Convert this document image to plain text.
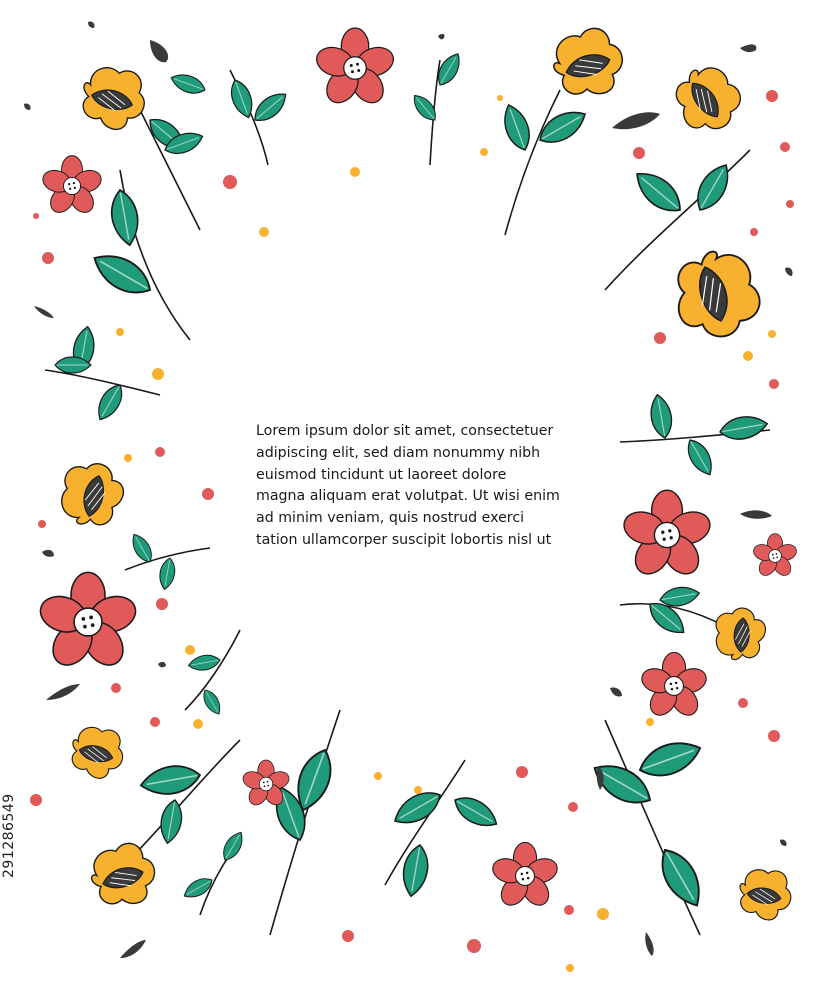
Lorem ipsum dolor sit amet, consectetuer
adipiscing elit, sed diam nonummy nibh
euismod tincidunt ut laoreet dolore
magna aliquam erat volutpat. Ut wisi enim
ad minim veniam, quis nostrud exerci
tation ullamcorper suscipit lobortis nisl ut

291286549
